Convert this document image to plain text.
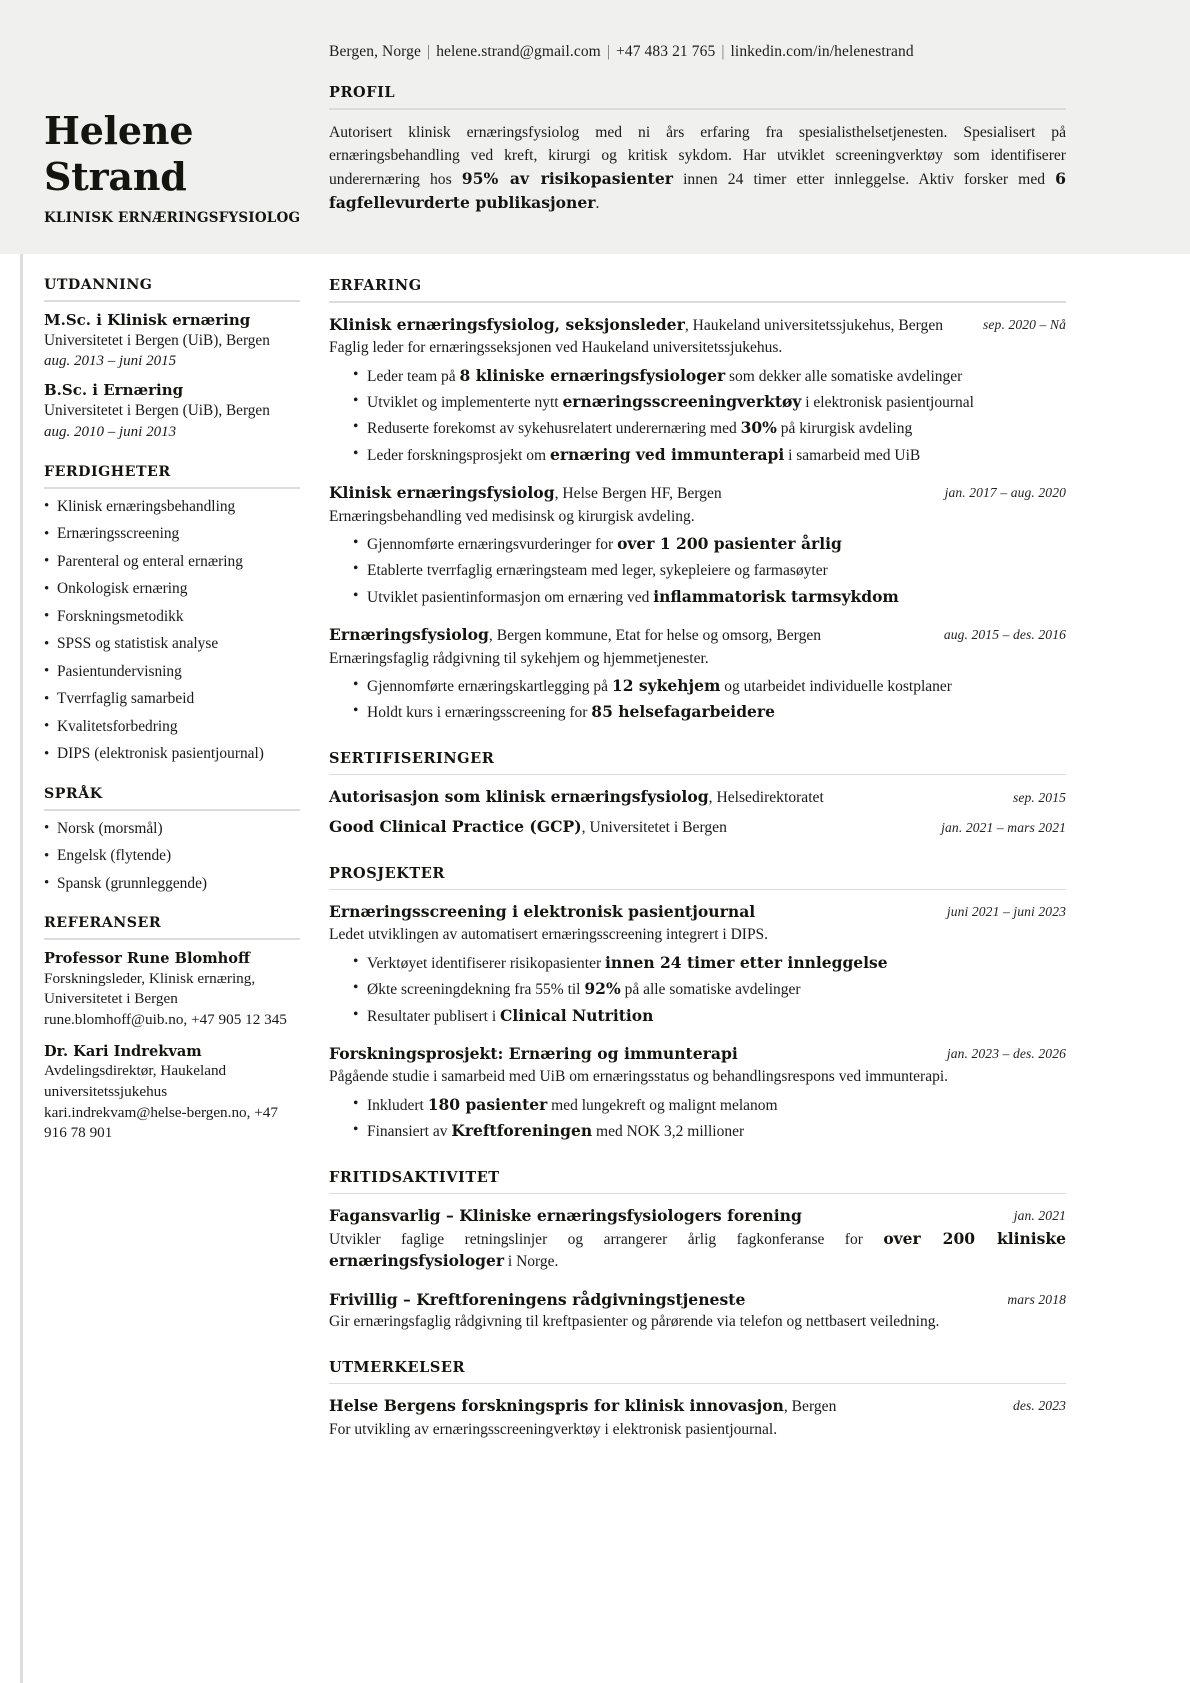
Helene
Strand
KLINISK ERNÆRINGSFYSIOLOG
Bergen, Norge | helene.strand@gmail.com | +47 483 21 765 | linkedin.com/in/helenestrand
PROFIL
Autorisert klinisk ernæringsfysiolog med ni års erfaring fra spesialisthelsetjenesten. Spesialisert på ernæringsbehandling ved kreft, kirurgi og kritisk sykdom. Har utviklet screeningverktøy som identifiserer underernæring hos 95% av risikopasienter innen 24 timer etter innleggelse. Aktiv forsker med 6 fagfellevurderte publikasjoner.
UTDANNING
M.Sc. i Klinisk ernæring
Universitetet i Bergen (UiB), Bergen
aug. 2013 – juni 2015
B.Sc. i Ernæring
Universitetet i Bergen (UiB), Bergen
aug. 2010 – juni 2013
FERDIGHETER
• Klinisk ernæringsbehandling
• Ernæringsscreening
• Parenteral og enteral ernæring
• Onkologisk ernæring
• Forskningsmetodikk
• SPSS og statistisk analyse
• Pasientundervisning
• Tverrfaglig samarbeid
• Kvalitetsforbedring
• DIPS (elektronisk pasientjournal)
SPRÅK
• Norsk (morsmål)
• Engelsk (flytende)
• Spansk (grunnleggende)
REFERANSER
Professor Rune Blomhoff
Forskningsleder, Klinisk ernæring, Universitetet i Bergen
rune.blomhoff@uib.no, +47 905 12 345
Dr. Kari Indrekvam
Avdelingsdirektør, Haukeland universitetssjukehus
kari.indrekvam@helse-bergen.no, +47 916 78 901
ERFARING
Klinisk ernæringsfysiolog, seksjonsleder, Haukeland universitetssjukehus, Bergen	sep. 2020 – Nå
Faglig leder for ernæringsseksjonen ved Haukeland universitetssjukehus.
• Leder team på 8 kliniske ernæringsfysiologer som dekker alle somatiske avdelinger
• Utviklet og implementerte nytt ernæringsscreeningverktøy i elektronisk pasientjournal
• Reduserte forekomst av sykehusrelatert underernæring med 30% på kirurgisk avdeling
• Leder forskningsprosjekt om ernæring ved immunterapi i samarbeid med UiB
Klinisk ernæringsfysiolog, Helse Bergen HF, Bergen	jan. 2017 – aug. 2020
Ernæringsbehandling ved medisinsk og kirurgisk avdeling.
• Gjennomførte ernæringsvurderinger for over 1 200 pasienter årlig
• Etablerte tverrfaglig ernæringsteam med leger, sykepleiere og farmasøyter
• Utviklet pasientinformasjon om ernæring ved inflammatorisk tarmsykdom
Ernæringsfysiolog, Bergen kommune, Etat for helse og omsorg, Bergen	aug. 2015 – des. 2016
Ernæringsfaglig rådgivning til sykehjem og hjemmetjenester.
• Gjennomførte ernæringskartlegging på 12 sykehjem og utarbeidet individuelle kostplaner
• Holdt kurs i ernæringsscreening for 85 helsefagarbeidere
SERTIFISERINGER
Autorisasjon som klinisk ernæringsfysiolog, Helsedirektoratet	sep. 2015
Good Clinical Practice (GCP), Universitetet i Bergen	jan. 2021 – mars 2021
PROSJEKTER
Ernæringsscreening i elektronisk pasientjournal	juni 2021 – juni 2023
Ledet utviklingen av automatisert ernæringsscreening integrert i DIPS.
• Verktøyet identifiserer risikopasienter innen 24 timer etter innleggelse
• Økte screeningdekning fra 55% til 92% på alle somatiske avdelinger
• Resultater publisert i Clinical Nutrition
Forskningsprosjekt: Ernæring og immunterapi	jan. 2023 – des. 2026
Pågående studie i samarbeid med UiB om ernæringsstatus og behandlingsrespons ved immunterapi.
• Inkludert 180 pasienter med lungekreft og malignt melanom
• Finansiert av Kreftforeningen med NOK 3,2 millioner
FRITIDSAKTIVITET
Fagansvarlig – Kliniske ernæringsfysiologers forening	jan. 2021
Utvikler faglige retningslinjer og arrangerer årlig fagkonferanse for over 200 kliniske ernæringsfysiologer i Norge.
Frivillig – Kreftforeningens rådgivningstjeneste	mars 2018
Gir ernæringsfaglig rådgivning til kreftpasienter og pårørende via telefon og nettbasert veiledning.
UTMERKELSER
Helse Bergens forskningspris for klinisk innovasjon, Bergen	des. 2023
For utvikling av ernæringsscreeningverktøy i elektronisk pasientjournal.
